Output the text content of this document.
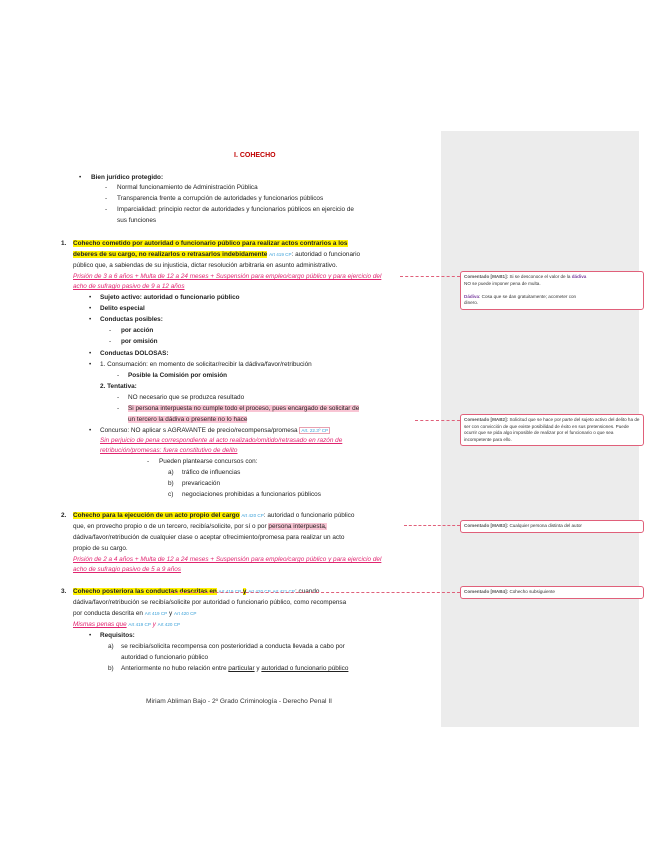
I. COHECHO
• Bien jurídico protegido:
- Normal funcionamiento de Administración Pública
- Transparencia frente a corrupción de autoridades y funcionarios públicos
- Imparcialidad: principio rector de autoridades y funcionarios públicos en ejercicio de
sus funciones
1. Cohecho cometido por autoridad o funcionario público para realizar actos contrarios a los
deberes de su cargo, no realizarlos o retrasarlos indebidamente Art 419 CP: autoridad o funcionario
público que, a sabiendas de su injusticia, dictar resolución arbitraria en asunto administrativo.
Prisión de 3 a 6 años + Multa de 12 a 24 meses + Suspensión para empleo/cargo público y para ejercicio del
acho de sufragio pasivo de 9 a 12 años
• Sujeto activo: autoridad o funcionario público
• Delito especial
• Conductas posibles:
- por acción
- por omisión
• Conductas DOLOSAS:
• 1. Consumación: en momento de solicitar/recibir la dádiva/favor/retribución
- Posible la Comisión por omisión
2. Tentativa:
- NO necesario que se produzca resultado
- Si persona interpuesta no cumple todo el proceso, pues encargado de solicitar de
un tercero la dádiva o presente no lo hace
• Concurso: NO aplicar s AGRAVANTE de precio/recompensa/promesa Art. 22.3º CP
Sin perjuicio de pena correspondiente al acto realizado/omitido/retrasado en razón de
retribución/promesas: fuera constitutivo de delito
- Pueden plantearse concursos con:
a) tráfico de influencias
b) prevaricación
c) negociaciones prohibidas a funcionarios públicos
2. Cohecho para la ejecución de un acto propio del cargo Art 420 CP: autoridad o funcionario público
que, en provecho propio o de un tercero, recibía/solicite, por sí o por persona interpuesta,
dádiva/favor/retribución de cualquier clase o aceptar ofrecimiento/promesa para realizar un acto
propio de su cargo.
Prisión de 2 a 4 años + Multa de 12 a 24 meses + Suspensión para empleo/cargo público y para ejercicio del
acho de sufragio pasivo de 5 a 9 años
3. Cohecho posteriora las conductas descritas en Art 419 CP y Art 420 CP Art 421 CP: cuando
dádiva/favor/retribución se recibía/solicite por autoridad o funcionario público, como recompensa
por conducta descrita en Art 419 CP y Art 420 CP
Mismas penas que Art 419 CP y Art 420 CP
• Requisitos:
a) se recibía/solicita recompensa con posterioridad a conducta llevada a cabo por
autoridad o funcionario público
b) Anteriormente no hubo relación entre particular y autoridad o funcionario público
Comentado [MAB1]: Si se desconoce el valor de la dádiva
NO se puede imponer pena de multa.

Dádiva: Cosa que se dan gratuitamente; acometer con
dinero.
Comentado [MAB2]: Solicitud que se hace por parte del sujeto activo del delito ha de ser con convicción de que existe posibilidad de éxito en sus pretensiones. Puede ocurrir que se pida algo imposible de realizar por el funcionario o que sea incompetente para ello.
Comentado [MAB3]: Cualquier persona distinta del autor
Comentado [MAB4]: Cohecho subsiguiente
Miriam Abliman Bajo - 2º Grado Criminología - Derecho Penal II
